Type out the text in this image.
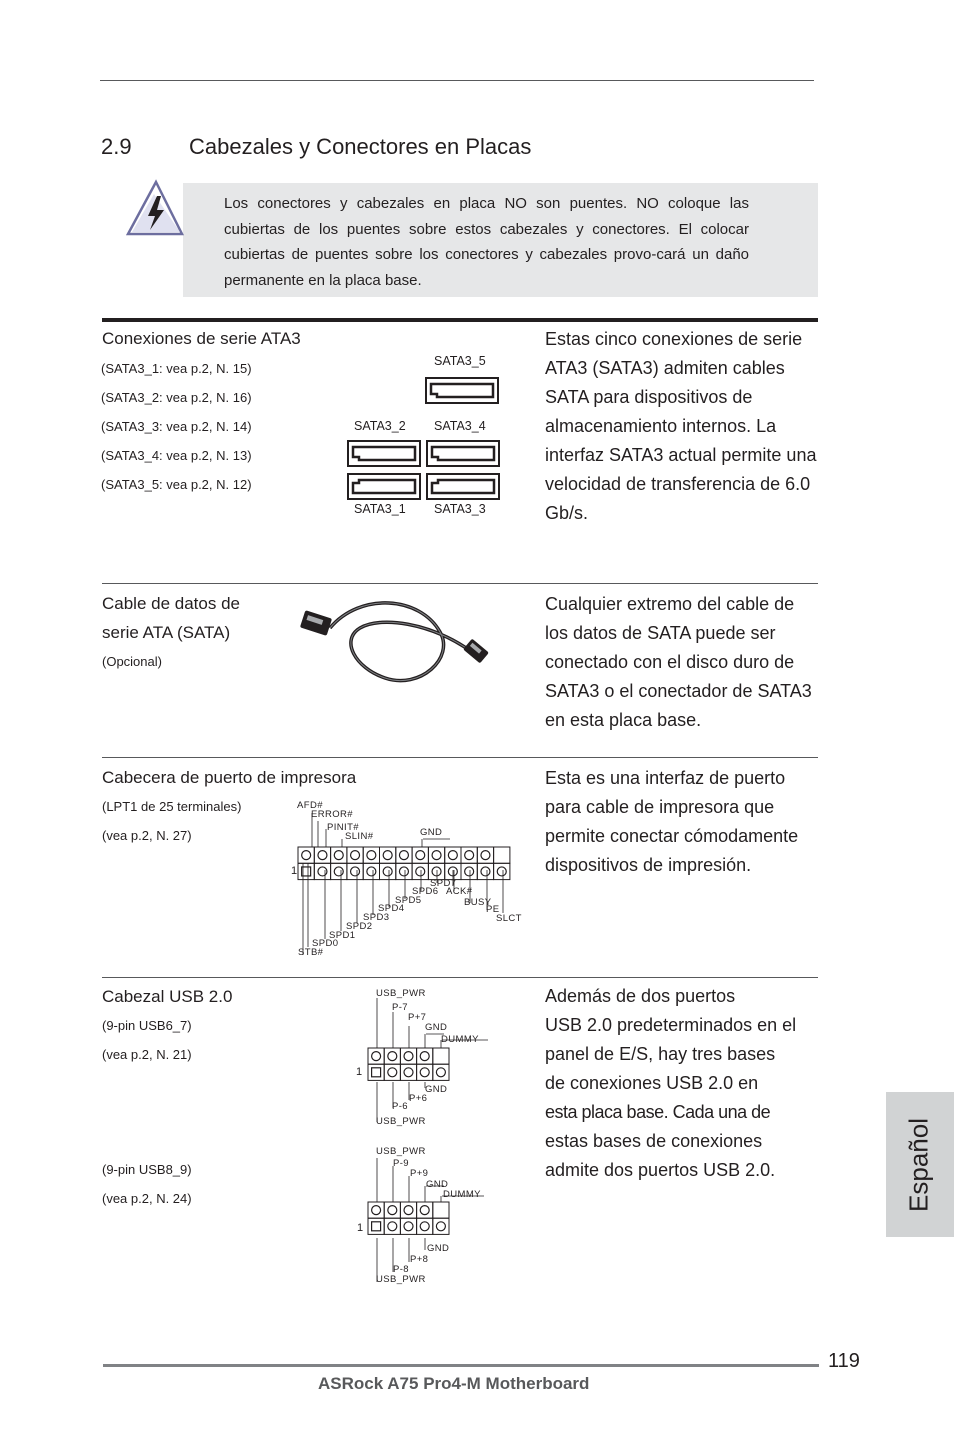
2.9	Cabezales y Conectores en Placas
Los conectores y cabezales en placa NO son puentes. NO coloque las cubiertas de los puentes sobre estos cabezales y conectores. El colocar cubiertas de puentes sobre los conectores y cabezales provo-cará un daño permanente en la placa base.
Conexiones de serie ATA3
(SATA3_1: vea p.2, N. 15)
(SATA3_2: vea p.2, N. 16)
(SATA3_3: vea p.2, N. 14)
(SATA3_4: vea p.2, N. 13)
(SATA3_5: vea p.2, N. 12)
SATA3_5
SATA3_2 SATA3_4
SATA3_1 SATA3_3
Estas cinco conexiones de serie ATA3 (SATA3) admiten cables SATA para dispositivos de almacenamiento internos. La interfaz SATA3 actual permite una velocidad de transferencia de 6.0 Gb/s.
Cable de datos de
serie ATA (SATA)
(Opcional)
Cualquier extremo del cable de los datos de SATA puede ser conectado con el disco duro de SATA3 o el conectador de SATA3 en esta placa base.
Cabecera de puerto de impresora
(LPT1 de 25 terminales)
(vea p.2, N. 27)
1
AFD#
ERROR#
PINIT#
SLIN#	GND
SPD7
SPD6 ACK#
SPD5	BUSY
SPD4	PE
SPD3	SLCT
SPD2
SPD1
SPD0
STB#
Esta es una interfaz de puerto para cable de impresora que permite conectar cómodamente dispositivos de impresión.
Cabezal USB 2.0
(9-pin USB6_7)
(vea p.2, N. 21)
(9-pin USB8_9)
(vea p.2, N. 24)
1
USB_PWR
P-7
P+7
GND
DUMMY
GND
P+6
P-6
USB_PWR
1
USB_PWR
P-9
P+9
GND
DUMMY
GND
P+8
P-8
USB_PWR
Además de dos puertos
USB 2.0 predeterminados en el
panel de E/S, hay tres bases
de conexiones USB 2.0 en
esta placa base. Cada una de
estas bases de conexiones
admite dos puertos USB 2.0.	Español
119
ASRock A75 Pro4-M Motherboard
